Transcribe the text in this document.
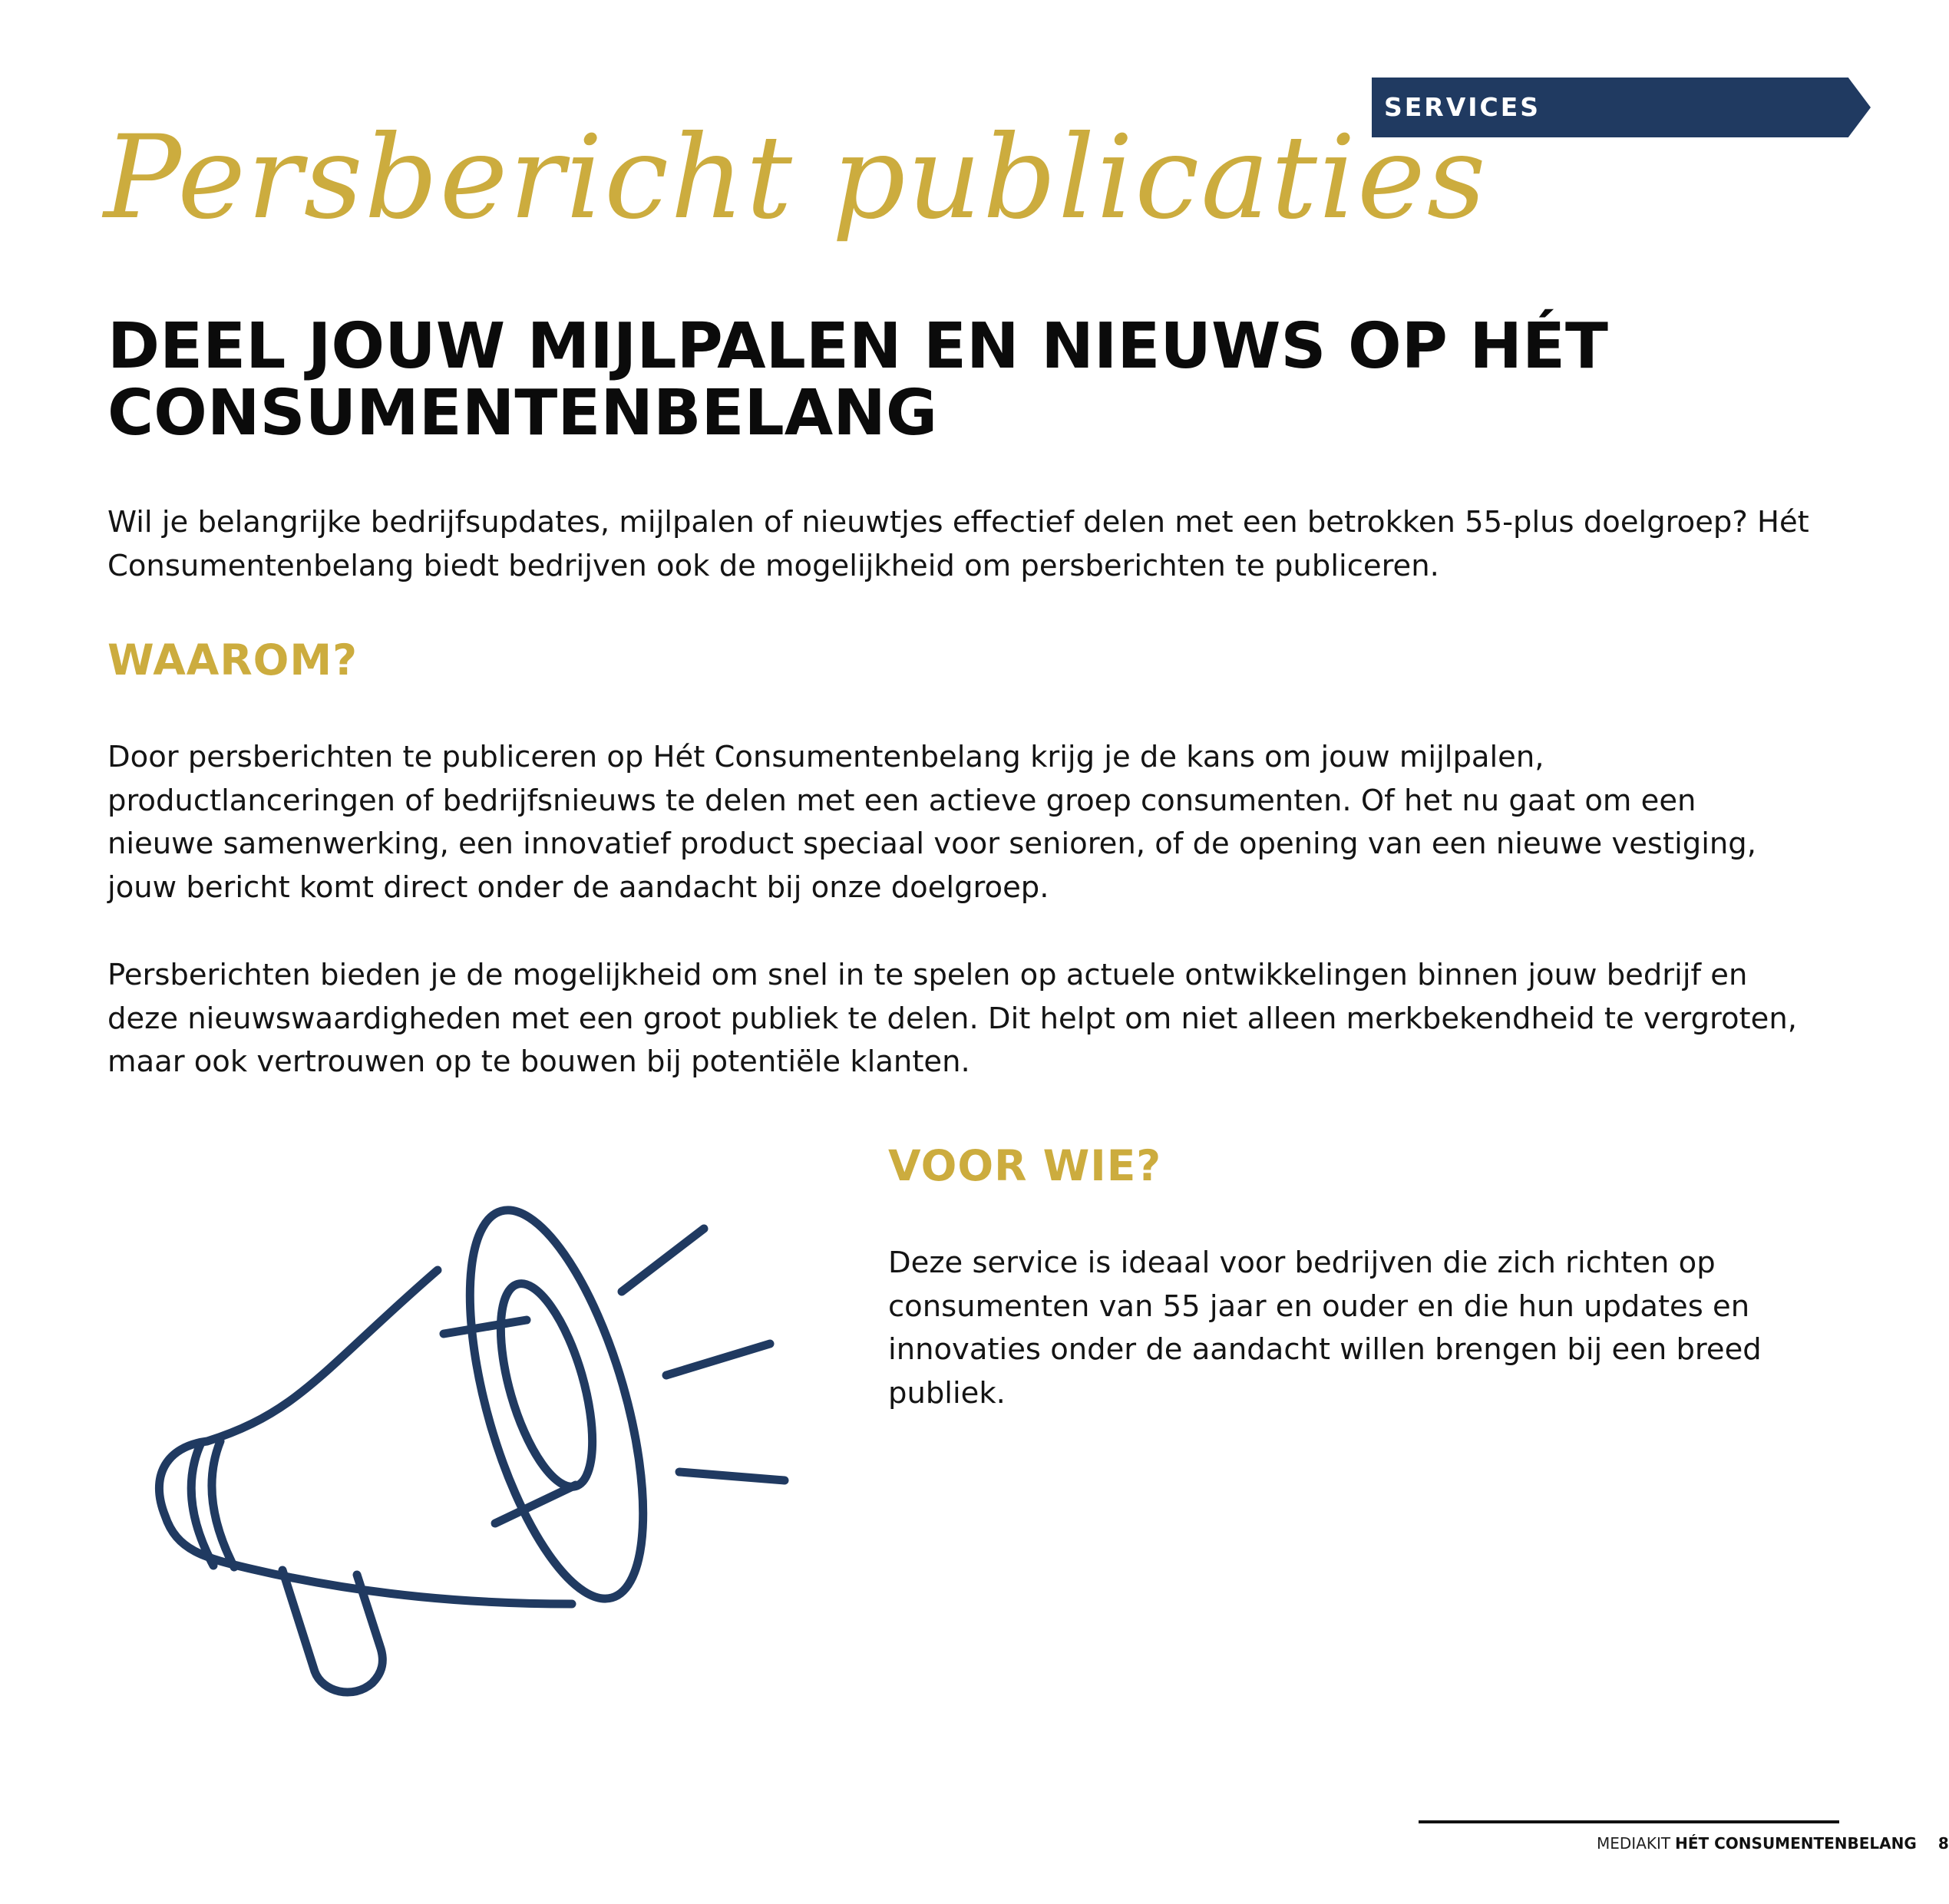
SERVICES
Persbericht publicaties
DEEL JOUW MIJLPALEN EN NIEUWS OP HÉT CONSUMENTENBELANG

Wil je belangrijke bedrijfsupdates, mijlpalen of nieuwtjes effectief delen met een betrokken 55-plus doelgroep? Hét Consumentenbelang biedt bedrijven ook de mogelijkheid om persberichten te publiceren.

WAAROM?

Door persberichten te publiceren op Hét Consumentenbelang krijg je de kans om jouw mijlpalen, productlanceringen of bedrijfsnieuws te delen met een actieve groep consumenten. Of het nu gaat om een nieuwe samenwerking, een innovatief product speciaal voor senioren, of de opening van een nieuwe vestiging, jouw bericht komt direct onder de aandacht bij onze doelgroep.

Persberichten bieden je de mogelijkheid om snel in te spelen op actuele ontwikkelingen binnen jouw bedrijf en deze nieuwswaardigheden met een groot publiek te delen. Dit helpt om niet alleen merkbekendheid te vergroten, maar ook vertrouwen op te bouwen bij potentiële klanten.

VOOR WIE?

Deze service is ideaal voor bedrijven die zich richten op consumenten van 55 jaar en ouder en die hun updates en innovaties onder de aandacht willen brengen bij een breed publiek.

MEDIAKIT HÉT CONSUMENTENBELANG 8
